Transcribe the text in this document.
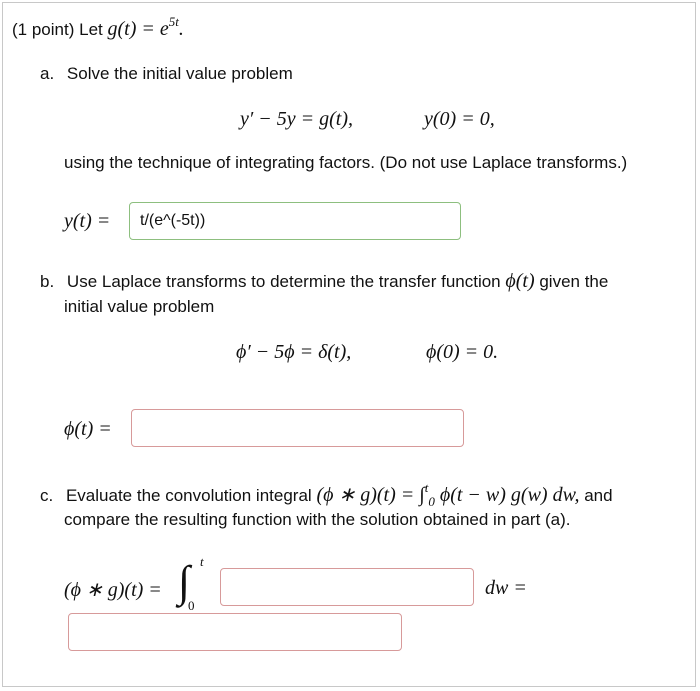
(1 point) Let $g(t) = e^{5t}$.
a. Solve the initial value problem
y′ − 5y = g(t),	y(0) = 0,
using the technique of integrating factors. (Do not use Laplace transforms.)
y(t) =	t/(e^(-5t))
b. Use Laplace transforms to determine the transfer function ϕ(t) given the
initial value problem
ϕ′ − 5ϕ = δ(t),	ϕ(0) = 0.
ϕ(t) =
c. Evaluate the convolution integral (ϕ ∗ g)(t) = ∫$^t_0$ ϕ(t − w) g(w) dw, and
compare the resulting function with the solution obtained in part (a).
(ϕ ∗ g)(t) = ∫ t
0
dw =
